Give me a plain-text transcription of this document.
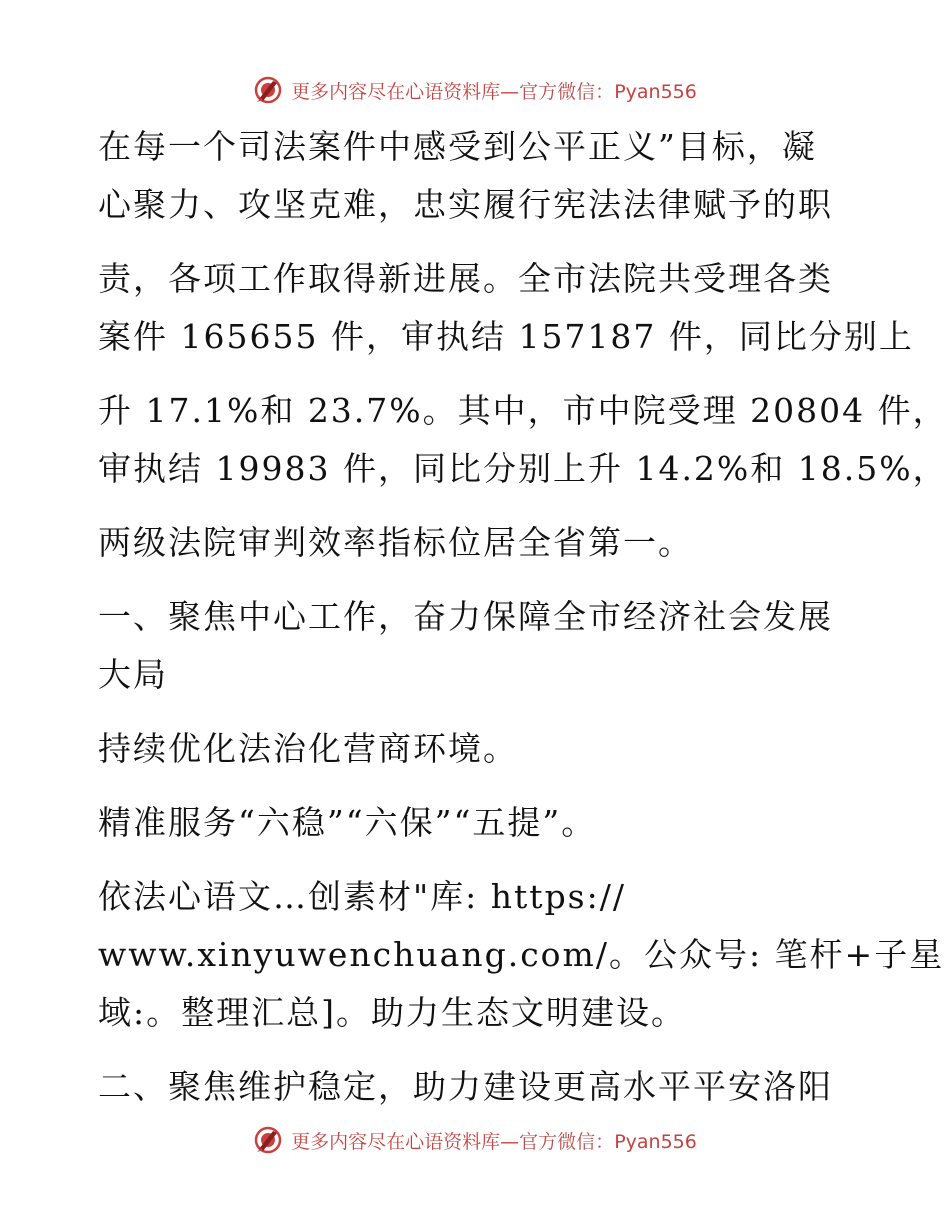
更多内容尽在心语资料库—官方微信：Pyan556
在每一个司法案件中感受到公平正义”目标，凝
心聚力、攻坚克难，忠实履行宪法法律赋予的职
责，各项工作取得新进展。全市法院共受理各类
案件 165655 件，审执结 157187 件，同比分别上
升 17.1%和 23.7%。其中，市中院受理 20804 件，
审执结 19983 件，同比分别上升 14.2%和 18.5%，
两级法院审判效率指标位居全省第一。
一、聚焦中心工作，奋力保障全市经济社会发展
大局
持续优化法治化营商环境。
精准服务“六稳”“六保”“五提”。
依法心语文…创素材"库: https://
www.xinyuwenchuang.com/。公众号: 笔杆+子星
域:。整理汇总]。助力生态文明建设。
二、聚焦维护稳定，助力建设更高水平平安洛阳
更多内容尽在心语资料库—官方微信：Pyan556
